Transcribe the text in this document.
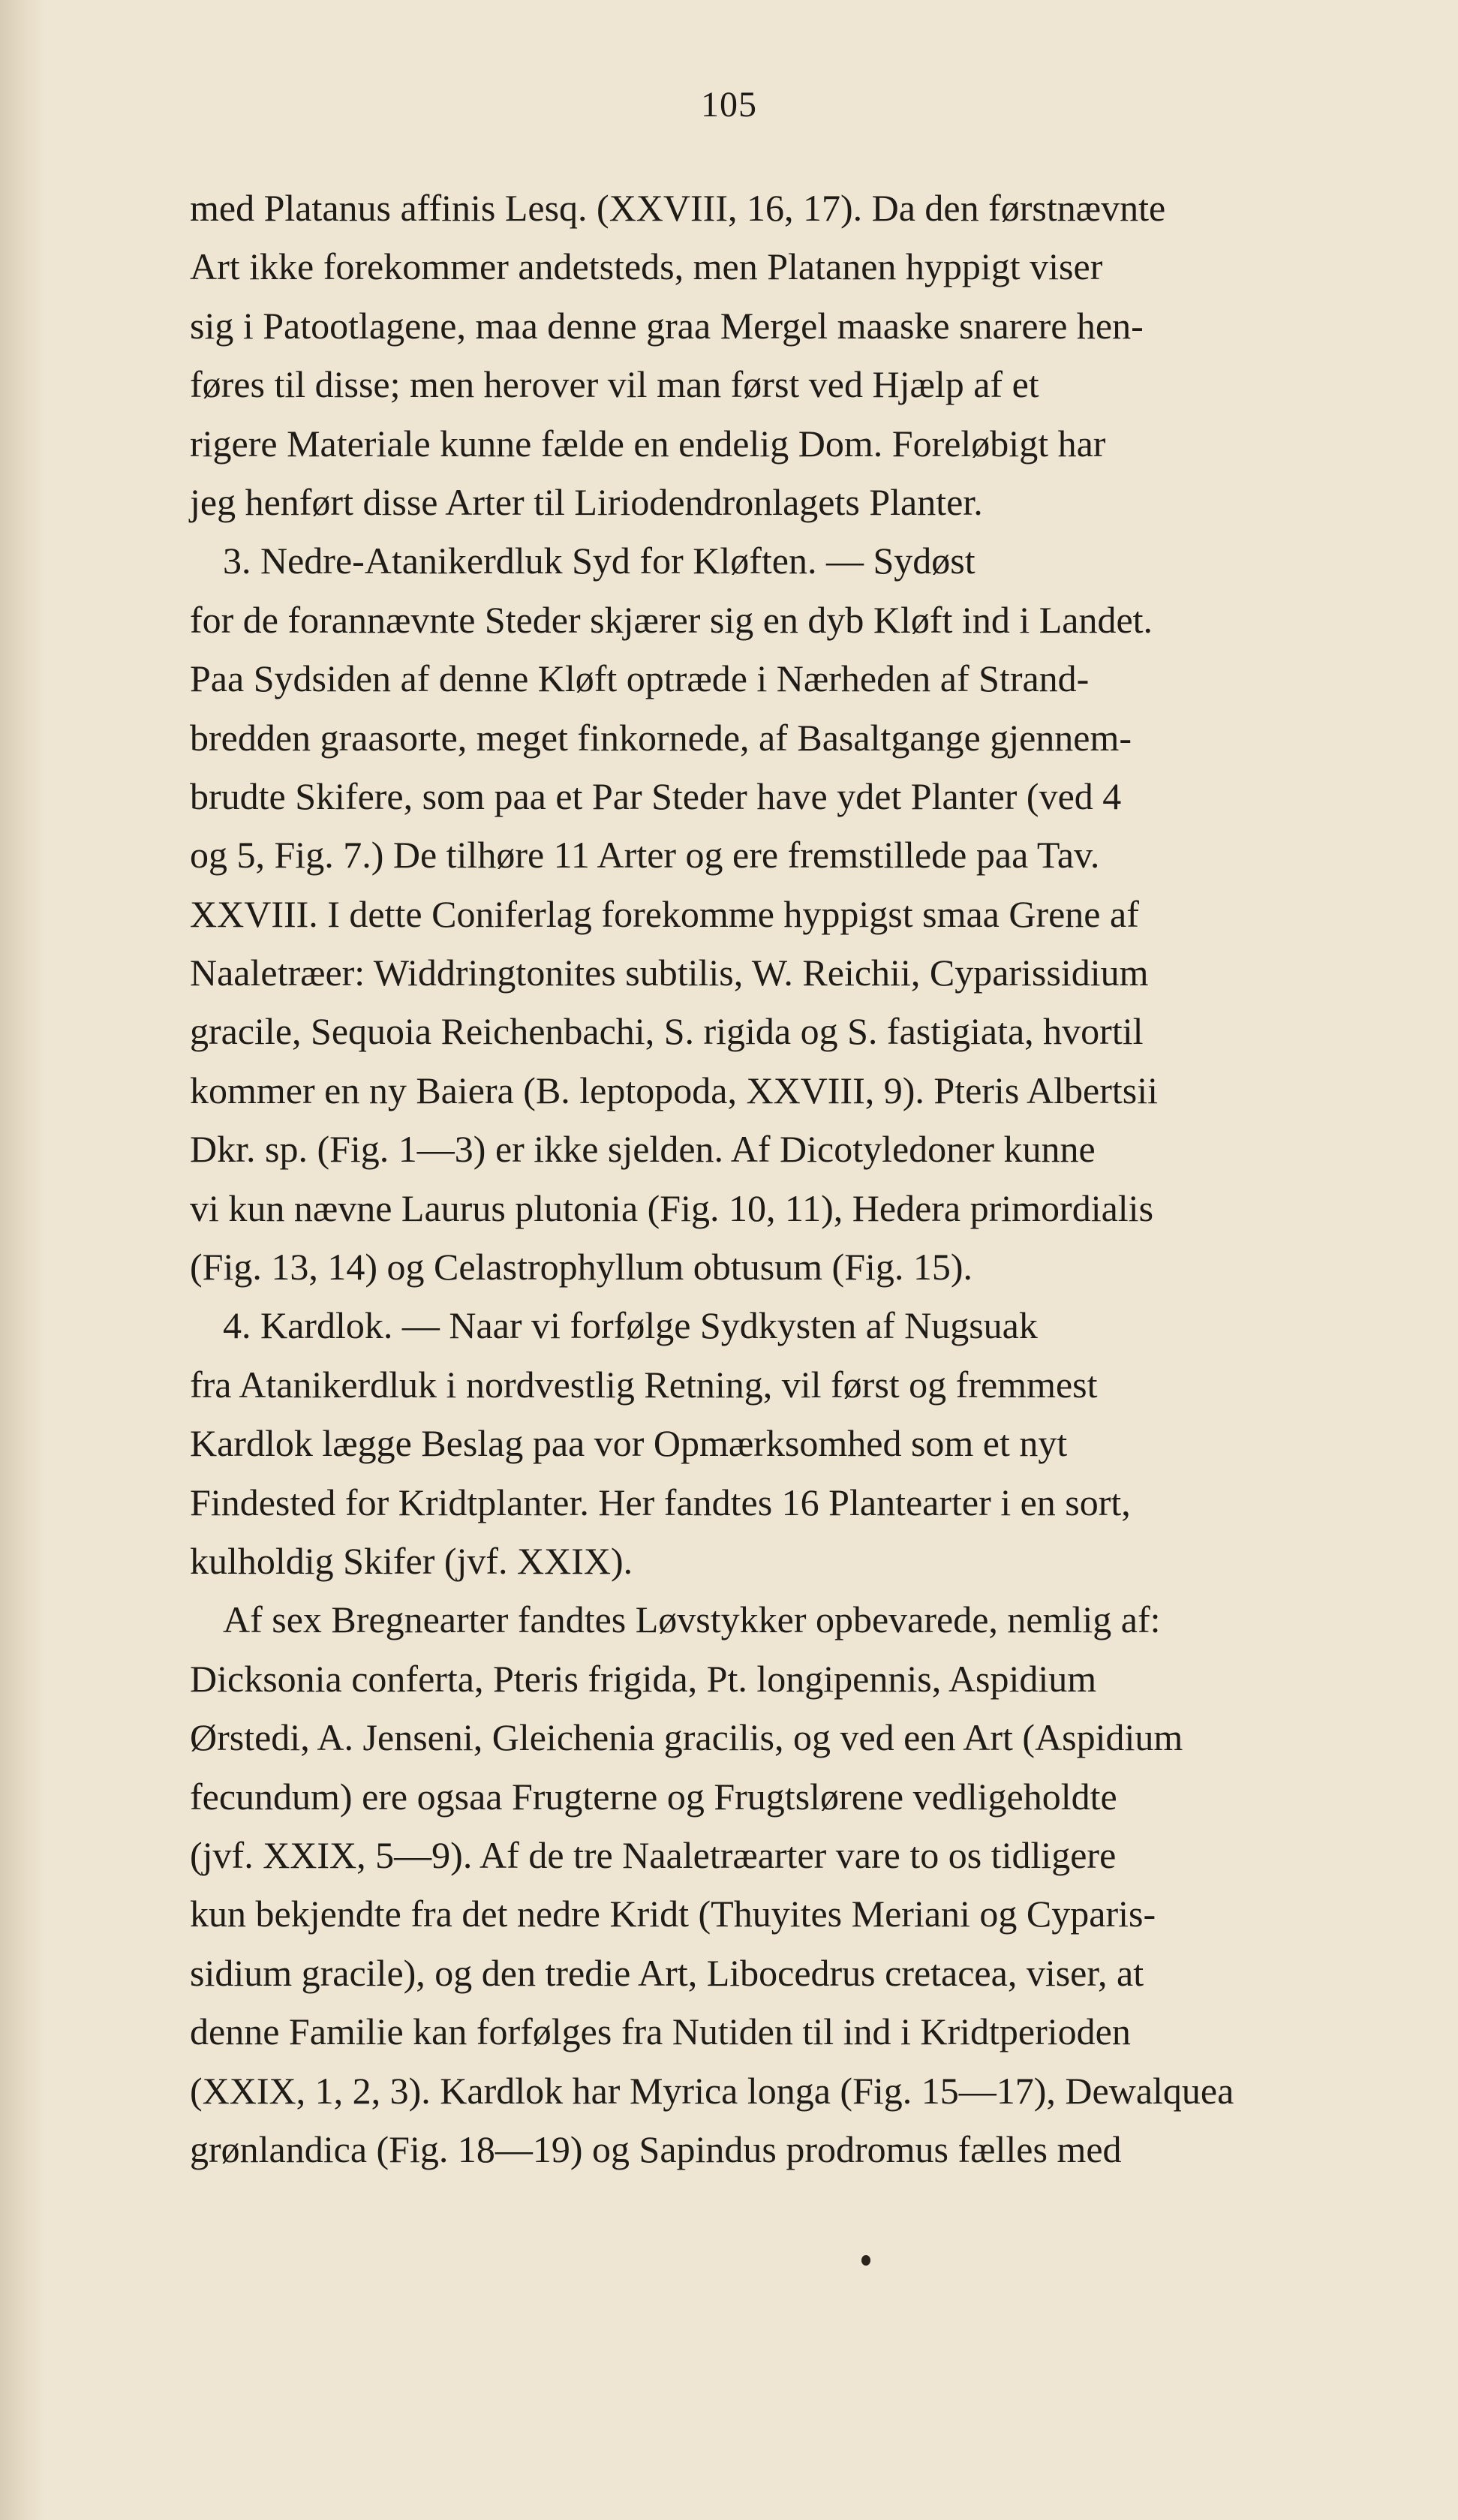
105
med Platanus affinis Lesq. (XXVIII, 16, 17). Da den førstnævnte
Art ikke forekommer andetsteds, men Platanen hyppigt viser
sig i Patootlagene, maa denne graa Mergel maaske snarere hen-
føres til disse; men herover vil man først ved Hjælp af et
rigere Materiale kunne fælde en endelig Dom. Foreløbigt har
jeg henført disse Arter til Liriodendronlagets Planter.
3. Nedre-Atanikerdluk Syd for Kløften. — Sydøst
for de forannævnte Steder skjærer sig en dyb Kløft ind i Landet.
Paa Sydsiden af denne Kløft optræde i Nærheden af Strand-
bredden graasorte, meget finkornede, af Basaltgange gjennem-
brudte Skifere, som paa et Par Steder have ydet Planter (ved 4
og 5, Fig. 7.) De tilhøre 11 Arter og ere fremstillede paa Tav.
XXVIII. I dette Coniferlag forekomme hyppigst smaa Grene af
Naaletræer: Widdringtonites subtilis, W. Reichii, Cyparissidium
gracile, Sequoia Reichenbachi, S. rigida og S. fastigiata, hvortil
kommer en ny Baiera (B. leptopoda, XXVIII, 9). Pteris Albertsii
Dkr. sp. (Fig. 1—3) er ikke sjelden. Af Dicotyledoner kunne
vi kun nævne Laurus plutonia (Fig. 10, 11), Hedera primordialis
(Fig. 13, 14) og Celastrophyllum obtusum (Fig. 15).
4. Kardlok. — Naar vi forfølge Sydkysten af Nugsuak
fra Atanikerdluk i nordvestlig Retning, vil først og fremmest
Kardlok lægge Beslag paa vor Opmærksomhed som et nyt
Findested for Kridtplanter. Her fandtes 16 Plantearter i en sort,
kulholdig Skifer (jvf. XXIX).
Af sex Bregnearter fandtes Løvstykker opbevarede, nemlig af:
Dicksonia conferta, Pteris frigida, Pt. longipennis, Aspidium
Ørstedi, A. Jenseni, Gleichenia gracilis, og ved een Art (Aspidium
fecundum) ere ogsaa Frugterne og Frugtslørene vedligeholdte
(jvf. XXIX, 5—9). Af de tre Naaletræarter vare to os tidligere
kun bekjendte fra det nedre Kridt (Thuyites Meriani og Cyparis-
sidium gracile), og den tredie Art, Libocedrus cretacea, viser, at
denne Familie kan forfølges fra Nutiden til ind i Kridtperioden
(XXIX, 1, 2, 3). Kardlok har Myrica longa (Fig. 15—17), Dewalquea
grønlandica (Fig. 18—19) og Sapindus prodromus fælles med
